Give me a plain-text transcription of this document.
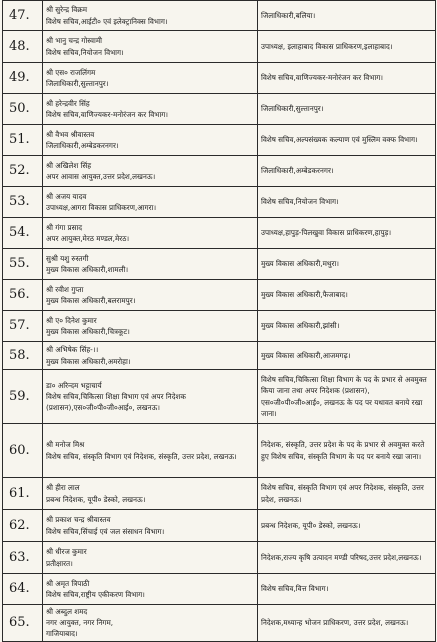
47.	श्री सुरेन्द्र विक्रम
विशेष सचिव,आईटी० एवं इलेक्ट्रानिक्स विभाग।	जिलाधिकारी,बलिया।

48.	श्री भानु चन्द्र गोस्वामी
विशेष सचिव,नियोजन विभाग।	उपाध्यक्ष, इलाहाबाद विकास प्राधिकरण,इलाहाबाद।

49.	श्री एस० राजलिंगम
जिलाधिकारी,सुल्तानपुर।	विशेष सचिव,वाणिज्यकर-मनोरंजन कर विभाग।

50.	श्री हरेन्द्रवीर सिंह
विशेष सचिव,वाणिज्यकर-मनोरंजन कर विभाग।	जिलाधिकारी,सुल्तानपुर।

51.	श्री वैभव श्रीवास्तव
जिलाधिकारी,अम्बेडकरनगर।	विशेष सचिव,अल्पसंख्यक कल्याण एवं मुस्लिम वक्फ विभाग।

52.	श्री अखिलेश सिंह
अपर आवास आयुक्त,उत्तर प्रदेश,लखनऊ।	जिलाधिकारी,अम्बेडकरनगर।

53.	श्री अजय यादव
उपाध्यक्ष,आगरा विकास प्राधिकरण,आगरा।	विशेष सचिव,नियोजन विभाग।

54.	श्री गंगा प्रसाद
अपर आयुक्त,मेरठ मण्डल,मेरठ।	उपाध्यक्ष,हापुड़-पिलखुवा विकास प्राधिकरण,हापुड़।

55.	सुश्री यशु रुस्तगी
मुख्य विकास अधिकारी,शामली।	मुख्य विकास अधिकारी,मथुरा।

56.	श्री रवीश गुप्ता
मुख्य विकास अधिकारी,बलरामपुर।	मुख्य विकास अधिकारी,फैजाबाद।

57.	श्री ए० दिनेश कुमार
मुख्य विकास अधिकारी,चित्रकूट।	मुख्य विकास अधिकारी,झांसी।

58.	श्री अभिषेक सिंह-।।
मुख्य विकास अधिकारी,अमरोहा।	मुख्य विकास अधिकारी,आजमगढ़।

59.	डा० अरिन्दम भट्टाचार्य
विशेष सचिव,चिकित्सा शिक्षा विभाग एवं अपर निदेशक (प्रशासन),एस०जी०पी०जी०आई०, लखनऊ।	विशेष सचिव,चिकित्सा शिक्षा विभाग के पद के प्रभार से अवमुक्त किया जाना तथा अपर निदेशक (प्रशासन), एस०जी०पी०जी०आई०, लखनऊ के पद पर यथावत बनाये रखा जाना।

60.	श्री मनोज मिश्र
विशेष सचिव, संस्कृति विभाग एवं निदेशक, संस्कृति, उत्तर प्रदेश, लखनऊ।	निदेशक, संस्कृति, उत्तर प्रदेश के पद के प्रभार से अवमुक्त करते हुए विशेष सचिव, संस्कृति विभाग के पद पर बनाये रखा जाना।

61.	श्री हीरा लाल
प्रबन्ध निदेशक, यूपी० डेस्को, लखनऊ।	विशेष सचिव, संस्कृति विभाग एवं अपर निदेशक, संस्कृति, उत्तर प्रदेश, लखनऊ।

62.	श्री प्रकाश चन्द्र श्रीवास्तव
विशेष सचिव,सिंचाई एवं जल संसाधन विभाग।	प्रबन्ध निदेशक, यूपी० डेस्को, लखनऊ।

63.	श्री धीरज कुमार
प्रतीक्षारत।	निदेशक,राज्य कृषि उत्पादन मण्डी परिषद,उत्तर प्रदेश,लखनऊ।

64.	श्री अमृत त्रिपाठी
विशेष सचिव,राष्ट्रीय एकीकरण विभाग।	विशेष सचिव,वित्त विभाग।

65.	श्री अब्दुल शमद
नगर आयुक्त, नगर निगम,
गाजियाबाद।	निदेशक,मध्यान्ह भोजन प्राधिकरण, उत्तर प्रदेश, लखनऊ।
